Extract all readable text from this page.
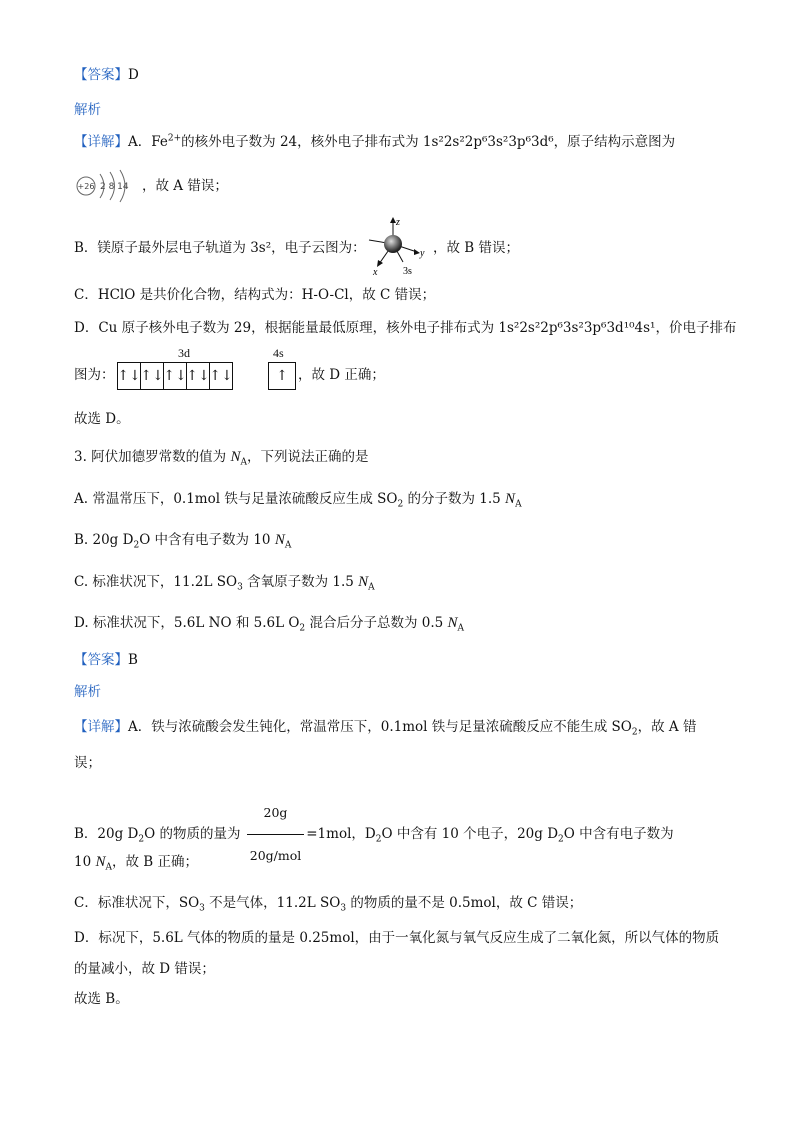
【答案】D
解析
【详解】A．$Fe^{2+}$的核外电子数为 24，核外电子排布式为 1s²2s²2p⁶3s²3p⁶3d⁶，原子结构示意图为
+26 2 8 14 ，故 A 错误；
B．镁原子最外层电子轨道为 3s²，电子云图为：
z
y
x	3s
，故 B 错误；
C．HClO 是共价化合物，结构式为：H-O-Cl，故 C 错误；
D．Cu 原子核外电子数为 29，根据能量最低原理，核外电子排布式为 1s²2s²2p⁶3s²3p⁶3d¹⁰4s¹，价电子排布
图为：
3d	4s
↑↓ ↑↓ ↑↓ ↑↓ ↑↓	↑ ，故 D 正确；
故选 D。
3. 阿伏加德罗常数的值为 $N_A$，下列说法正确的是
A. 常温常压下，0.1mol 铁与足量浓硫酸反应生成 $SO_2$ 的分子数为 1.5 $N_A$
B. 20g $D_2O$ 中含有电子数为 10 $N_A$
C. 标准状况下，11.2L $SO_3$ 含氧原子数为 1.5 $N_A$
D. 标准状况下，5.6L NO 和 5.6L $O_2$ 混合后分子总数为 0.5 $N_A$
【答案】B
解析
【详解】A．铁与浓硫酸会发生钝化，常温常压下，0.1mol 铁与足量浓硫酸反应不能生成 $SO_2$，故 A 错
误；
B．20g $D_2O$ 的物质的量为 $\frac{20g}{\text{20g/mol}} =1mol$，$D_2O$ 中含有 10 个电子，20g $D_2O$ 中含有电子数为
10 $N_A$，故 B 正确；
C．标准状况下，$SO_3$ 不是气体，11.2L $SO_3$ 的物质的量不是 0.5mol，故 C 错误；
D．标况下，5.6L 气体的物质的量是 0.25mol，由于一氧化氮与氧气反应生成了二氧化氮，所以气体的物质
的量减小，故 D 错误；
故选 B。
